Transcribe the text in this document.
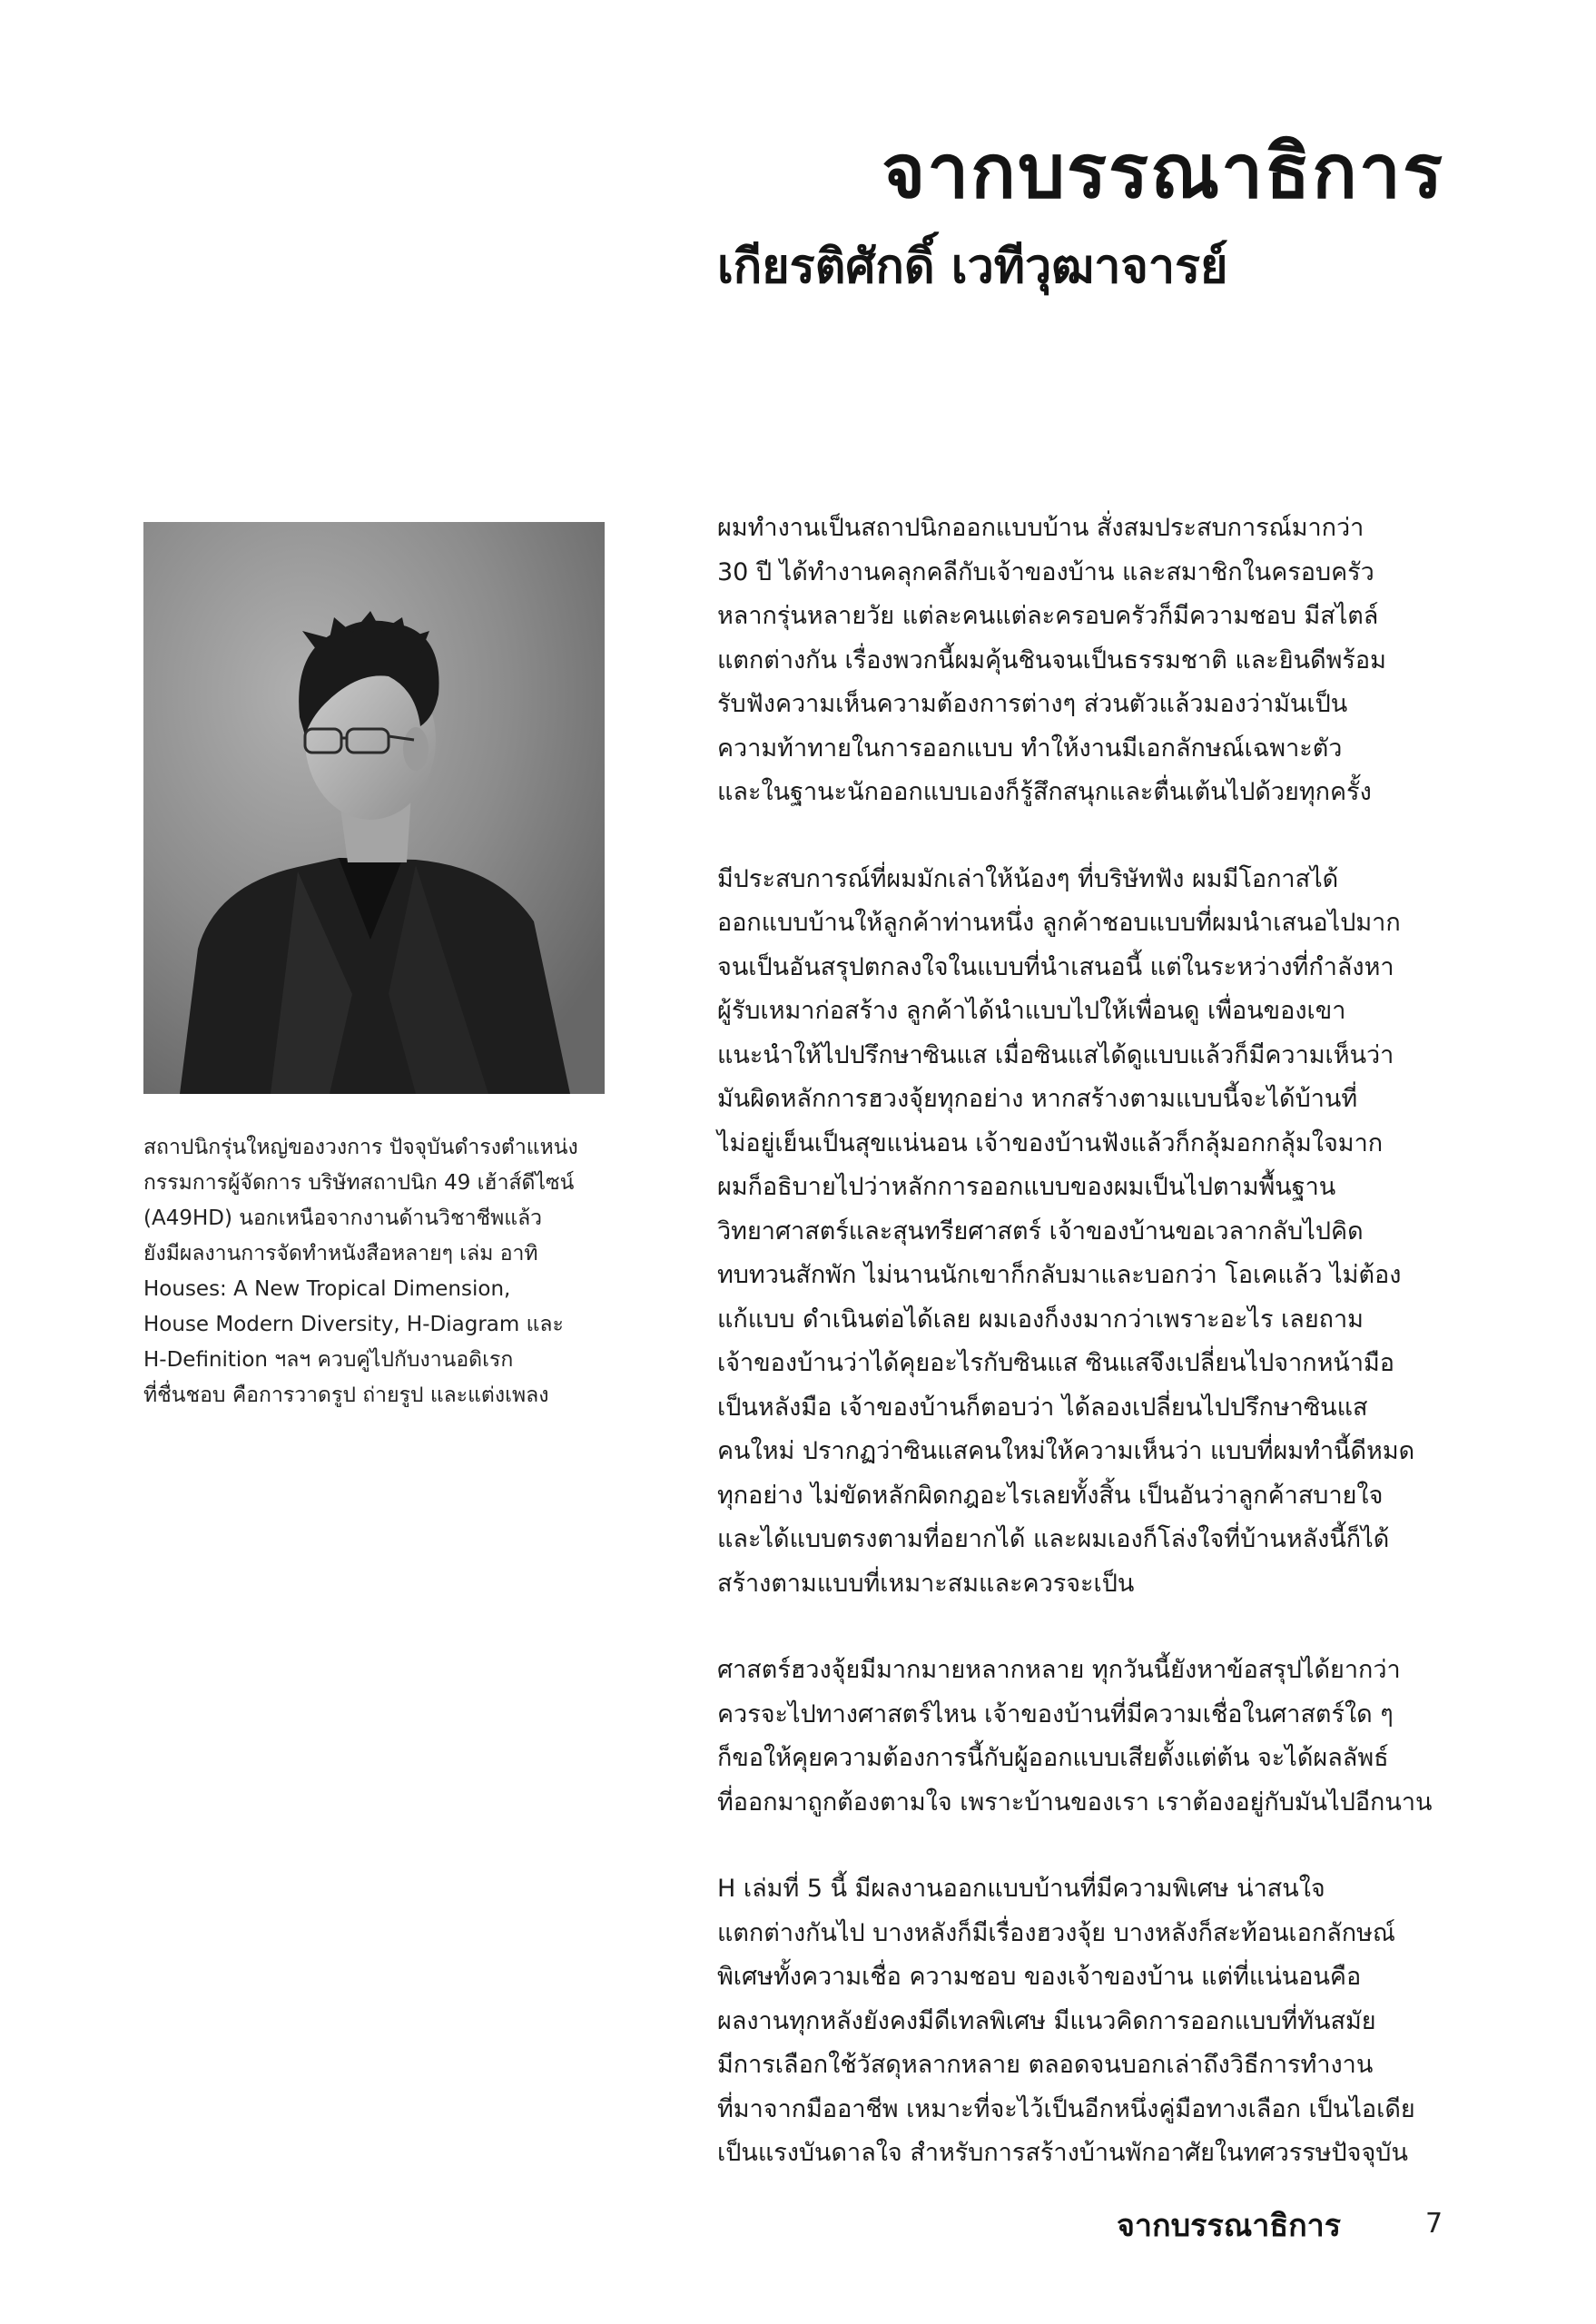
จากบรรณาธิการ
เกียรติศักดิ์ เวทีวุฒาจารย์

สถาปนิกรุ่นใหญ่ของวงการ ปัจจุบันดำรงตำแหน่ง
กรรมการผู้จัดการ บริษัทสถาปนิก 49 เฮ้าส์ดีไซน์
(A49HD) นอกเหนือจากงานด้านวิชาชีพแล้ว
ยังมีผลงานการจัดทำหนังสือหลายๆ เล่ม อาทิ
Houses: A New Tropical Dimension,
House Modern Diversity, H-Diagram และ
H-Definition ฯลฯ ควบคู่ไปกับงานอดิเรก
ที่ชื่นชอบ คือการวาดรูป ถ่ายรูป และแต่งเพลง

ผมทำงานเป็นสถาปนิกออกแบบบ้าน สั่งสมประสบการณ์มากว่า
30 ปี ได้ทำงานคลุกคลีกับเจ้าของบ้าน และสมาชิกในครอบครัว
หลากรุ่นหลายวัย แต่ละคนแต่ละครอบครัวก็มีความชอบ มีสไตล์
แตกต่างกัน เรื่องพวกนี้ผมคุ้นชินจนเป็นธรรมชาติ และยินดีพร้อม
รับฟังความเห็นความต้องการต่างๆ ส่วนตัวแล้วมองว่ามันเป็น
ความท้าทายในการออกแบบ ทำให้งานมีเอกลักษณ์เฉพาะตัว
และในฐานะนักออกแบบเองก็รู้สึกสนุกและตื่นเต้นไปด้วยทุกครั้ง

มีประสบการณ์ที่ผมมักเล่าให้น้องๆ ที่บริษัทฟัง ผมมีโอกาสได้
ออกแบบบ้านให้ลูกค้าท่านหนึ่ง ลูกค้าชอบแบบที่ผมนำเสนอไปมาก
จนเป็นอันสรุปตกลงใจในแบบที่นำเสนอนี้ แต่ในระหว่างที่กำลังหา
ผู้รับเหมาก่อสร้าง ลูกค้าได้นำแบบไปให้เพื่อนดู เพื่อนของเขา
แนะนำให้ไปปรึกษาซินแส เมื่อซินแสได้ดูแบบแล้วก็มีความเห็นว่า
มันผิดหลักการฮวงจุ้ยทุกอย่าง หากสร้างตามแบบนี้จะได้บ้านที่
ไม่อยู่เย็นเป็นสุขแน่นอน เจ้าของบ้านฟังแล้วก็กลุ้มอกกลุ้มใจมาก
ผมก็อธิบายไปว่าหลักการออกแบบของผมเป็นไปตามพื้นฐาน
วิทยาศาสตร์และสุนทรียศาสตร์ เจ้าของบ้านขอเวลากลับไปคิด
ทบทวนสักพัก ไม่นานนักเขาก็กลับมาและบอกว่า โอเคแล้ว ไม่ต้อง
แก้แบบ ดำเนินต่อได้เลย ผมเองก็งงมากว่าเพราะอะไร เลยถาม
เจ้าของบ้านว่าได้คุยอะไรกับซินแส ซินแสจึงเปลี่ยนไปจากหน้ามือ
เป็นหลังมือ เจ้าของบ้านก็ตอบว่า ได้ลองเปลี่ยนไปปรึกษาซินแส
คนใหม่ ปรากฏว่าซินแสคนใหม่ให้ความเห็นว่า แบบที่ผมทำนี้ดีหมด
ทุกอย่าง ไม่ขัดหลักผิดกฎอะไรเลยทั้งสิ้น เป็นอันว่าลูกค้าสบายใจ
และได้แบบตรงตามที่อยากได้ และผมเองก็โล่งใจที่บ้านหลังนี้ก็ได้
สร้างตามแบบที่เหมาะสมและควรจะเป็น

ศาสตร์ฮวงจุ้ยมีมากมายหลากหลาย ทุกวันนี้ยังหาข้อสรุปได้ยากว่า
ควรจะไปทางศาสตร์ไหน เจ้าของบ้านที่มีความเชื่อในศาสตร์ใด ๆ
ก็ขอให้คุยความต้องการนี้กับผู้ออกแบบเสียตั้งแต่ต้น จะได้ผลลัพธ์
ที่ออกมาถูกต้องตามใจ เพราะบ้านของเรา เราต้องอยู่กับมันไปอีกนาน

H เล่มที่ 5 นี้ มีผลงานออกแบบบ้านที่มีความพิเศษ น่าสนใจ
แตกต่างกันไป บางหลังก็มีเรื่องฮวงจุ้ย บางหลังก็สะท้อนเอกลักษณ์
พิเศษทั้งความเชื่อ ความชอบ ของเจ้าของบ้าน แต่ที่แน่นอนคือ
ผลงานทุกหลังยังคงมีดีเทลพิเศษ มีแนวคิดการออกแบบที่ทันสมัย
มีการเลือกใช้วัสดุหลากหลาย ตลอดจนบอกเล่าถึงวิธีการทำงาน
ที่มาจากมืออาชีพ เหมาะที่จะไว้เป็นอีกหนึ่งคู่มือทางเลือก เป็นไอเดีย
เป็นแรงบันดาลใจ สำหรับการสร้างบ้านพักอาศัยในทศวรรษปัจจุบัน

จากบรรณาธิการ	7
